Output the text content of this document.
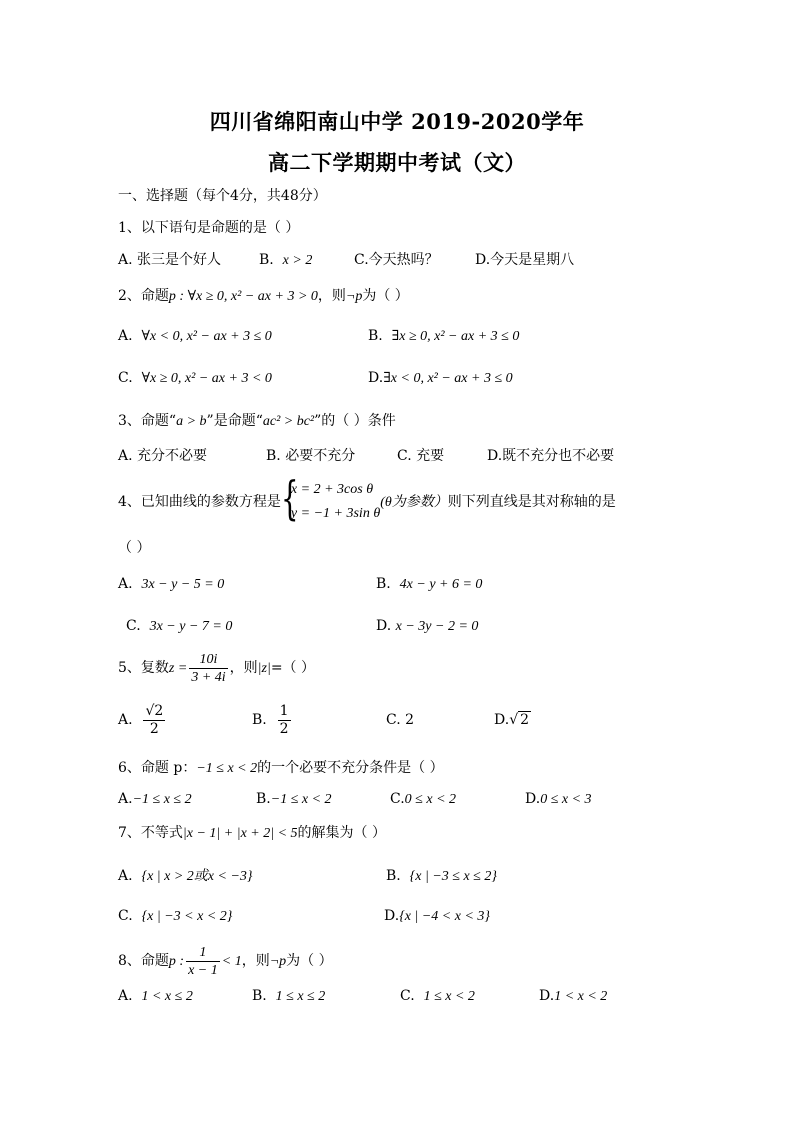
四川省绵阳南山中学 2019-2020学年
高二下学期期中考试（文）
一、选择题（每个4分，共48分）
1、以下语句是命题的是（ ）
A. 张三是个好人	B. x > 2	C.今天热吗？	D.今天是星期八
2、命题p : ∀x ≥ 0, x² − ax + 3 > 0，则¬p为（ ）
A. ∀x < 0, x² − ax + 3 ≤ 0	B. ∃x ≥ 0, x² − ax + 3 ≤ 0
C. ∀x ≥ 0, x² − ax + 3 < 0	D.∃x < 0, x² − ax + 3 ≤ 0
3、命题“a > b”是命题“ac² > bc²”的（ ）条件
A. 充分不必要	B. 必要不充分	C. 充要	D.既不充分也不必要
4、已知曲线的参数方程是 {
x = 2 + 3cos θ
y = −1 + 3sin θ
(θ为参数）则下列直线是其对称轴的是
（ ）
A. 3x − y − 5 = 0	B. 4x − y + 6 = 0
C. 3x − y − 7 = 0	D. x − 3y − 2 = 0
5、复数$z = \frac{10i}{3 + 4i}$ ，则|z|=（ ）
A. $\frac{√2}{2}$	B. $\frac{1}{2}$	C. 2	D.√ 2
6、命题 p：−1 ≤ x < 2的一个必要不充分条件是（ ）
A.−1 ≤ x ≤ 2	B.−1 ≤ x < 2	C.0 ≤ x < 2	D.0 ≤ x < 3
7、不等式|x − 1| + |x + 2| < 5的解集为（ ）
A. {x | x > 2或x < −3}	B. {x | −3 ≤ x ≤ 2}
C. {x | −3 < x < 2}	D.{x | −4 < x < 3}
8、命题p : $\frac{1}{x - 1} < 1$，则¬p为（ ）
A. 1 < x ≤ 2	B. 1 ≤ x ≤ 2	C. 1 ≤ x < 2	D.1 < x < 2
